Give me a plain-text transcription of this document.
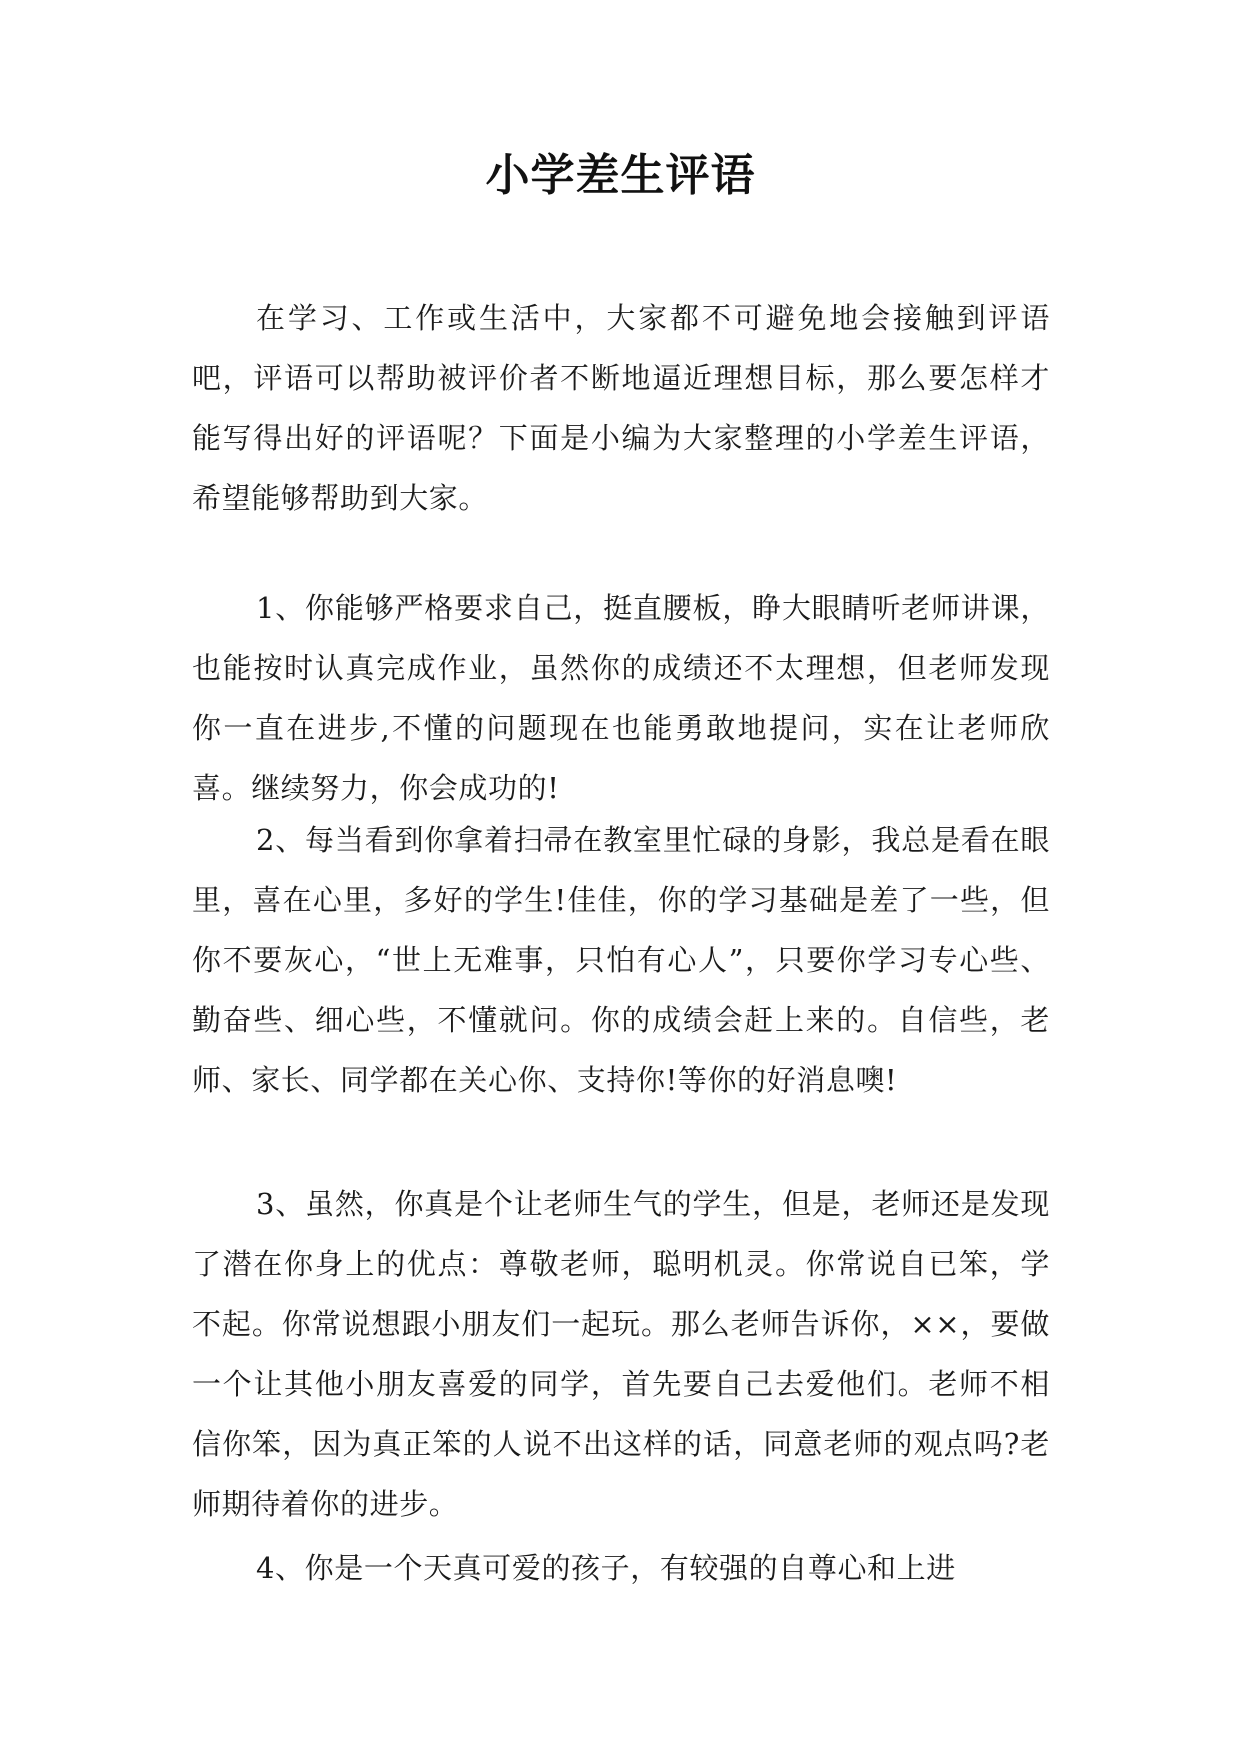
小学差生评语

在学习、工作或生活中，大家都不可避免地会接触到评语吧，评语可以帮助被评价者不断地逼近理想目标，那么要怎样才能写得出好的评语呢？下面是小编为大家整理的小学差生评语，希望能够帮助到大家。

1、你能够严格要求自己，挺直腰板，睁大眼睛听老师讲课，也能按时认真完成作业，虽然你的成绩还不太理想，但老师发现你一直在进步,不懂的问题现在也能勇敢地提问，实在让老师欣喜。继续努力，你会成功的!

2、每当看到你拿着扫帚在教室里忙碌的身影，我总是看在眼里，喜在心里，多好的学生!佳佳，你的学习基础是差了一些，但你不要灰心，“世上无难事，只怕有心人”，只要你学习专心些、勤奋些、细心些，不懂就问。你的成绩会赶上来的。自信些，老师、家长、同学都在关心你、支持你!等你的好消息噢!

3、虽然，你真是个让老师生气的学生，但是，老师还是发现了潜在你身上的优点：尊敬老师，聪明机灵。你常说自已笨，学不起。你常说想跟小朋友们一起玩。那么老师告诉你，××，要做一个让其他小朋友喜爱的同学，首先要自己去爱他们。老师不相信你笨，因为真正笨的人说不出这样的话，同意老师的观点吗?老师期待着你的进步。

4、你是一个天真可爱的孩子，有较强的自尊心和上进
